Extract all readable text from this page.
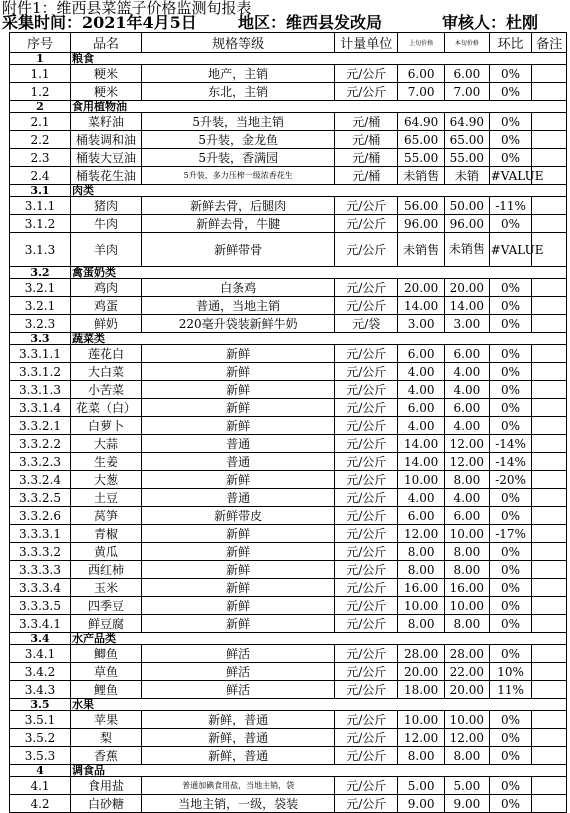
附件1：维西县菜篮子价格监测旬报表
采集时间：2021年4月5日	地区：维西县发改局	审核人：杜刚
序号	品名	规格等级	计量单位	上旬价格	本旬价格	环比	备注
1	粮食						
1.1	粳米	地产，主销	元/公斤	6.00	6.00	0%	
1.2	粳米	东北，主销	元/公斤	7.00	7.00	0%	
2	食用植物油						
2.1	菜籽油	5升装，当地主销	元/桶	64.90	64.90	0%	
2.2	桶装调和油	5升装，金龙鱼	元/桶	65.00	65.00	0%	
2.3	桶装大豆油	5升装，香满园	元/桶	55.00	55.00	0%	
2.4	桶装花生油	5升装，多力压榨一级浓香花生	元/桶	未销售	未销	#VALUE	
3.1	肉类						
3.1.1	猪肉	新鲜去骨，后腿肉	元/公斤	56.00	50.00	-11%	
3.1.2	牛肉	新鲜去骨，牛腱	元/公斤	96.00	96.00	0%	
3.1.3	羊肉	新鲜带骨	元/公斤	未销售	未销售	#VALUE	
3.2	禽蛋奶类						
3.2.1	鸡肉	白条鸡	元/公斤	20.00	20.00	0%	
3.2.1	鸡蛋	普通，当地主销	元/公斤	14.00	14.00	0%	
3.2.3	鲜奶	220毫升袋装新鲜牛奶	元/袋	3.00	3.00	0%	
3.3	蔬菜类						
3.3.1.1	莲花白	新鲜	元/公斤	6.00	6.00	0%	
3.3.1.2	大白菜	新鲜	元/公斤	4.00	4.00	0%	
3.3.1.3	小苦菜	新鲜	元/公斤	4.00	4.00	0%	
3.3.1.4	花菜（白）	新鲜	元/公斤	6.00	6.00	0%	
3.3.2.1	白萝卜	新鲜	元/公斤	4.00	4.00	0%	
3.3.2.2	大蒜	普通	元/公斤	14.00	12.00	-14%	
3.3.2.3	生姜	普通	元/公斤	14.00	12.00	-14%	
3.3.2.4	大葱	新鲜	元/公斤	10.00	8.00	-20%	
3.3.2.5	土豆	普通	元/公斤	4.00	4.00	0%	
3.3.2.6	莴笋	新鲜带皮	元/公斤	6.00	6.00	0%	
3.3.3.1	青椒	新鲜	元/公斤	12.00	10.00	-17%	
3.3.3.2	黄瓜	新鲜	元/公斤	8.00	8.00	0%	
3.3.3.3	西红柿	新鲜	元/公斤	8.00	8.00	0%	
3.3.3.4	玉米	新鲜	元/公斤	16.00	16.00	0%	
3.3.3.5	四季豆	新鲜	元/公斤	10.00	10.00	0%	
3.3.4.1	鲜豆腐	新鲜	元/公斤	8.00	8.00	0%	
3.4	水产品类						
3.4.1	鲫鱼	鲜活	元/公斤	28.00	28.00	0%	
3.4.2	草鱼	鲜活	元/公斤	20.00	22.00	10%	
3.4.3	鲤鱼	鲜活	元/公斤	18.00	20.00	11%	
3.5	水果						
3.5.1	苹果	新鲜，普通	元/公斤	10.00	10.00	0%	
3.5.2	梨	新鲜，普通	元/公斤	12.00	12.00	0%	
3.5.3	香蕉	新鲜，普通	元/公斤	8.00	8.00	0%	
4	调食品						
4.1	食用盐	普通加碘食用盐，当地主销，袋	元/公斤	5.00	5.00	0%	
4.2	白砂糖	当地主销，一级，袋装	元/公斤	9.00	9.00	0%	
